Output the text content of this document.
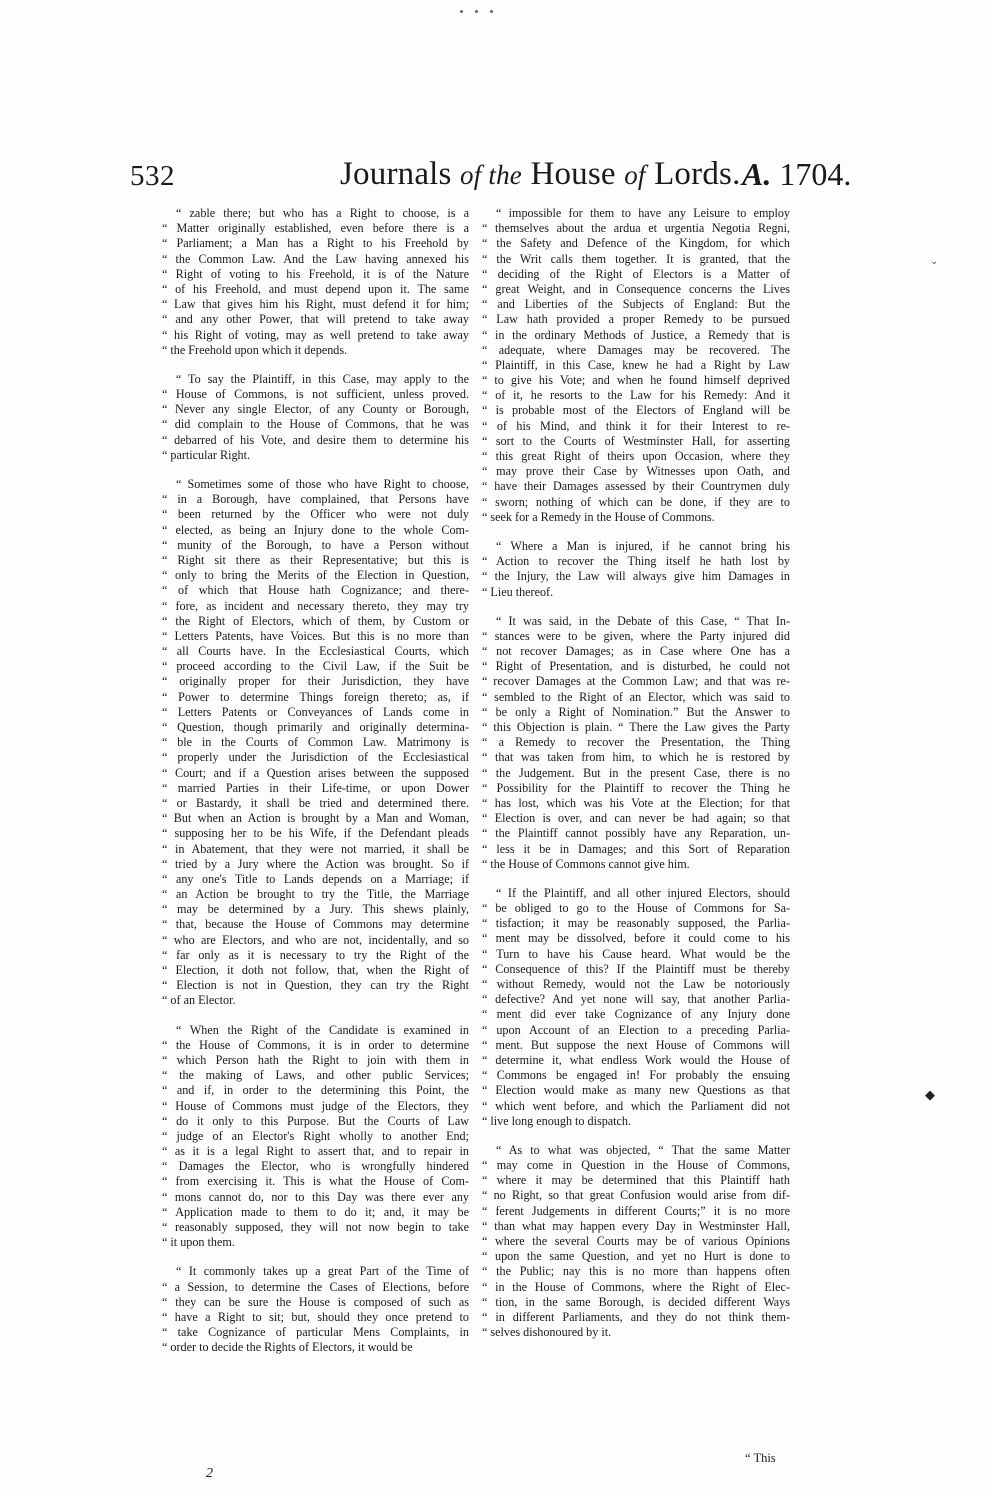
532	Journals of the House of Lords. A. 1704.
⌄
◆
“ zable there; but who has a Right to choose, is a
“ Matter originally established, even before there is a
“ Parliament; a Man has a Right to his Freehold by
“ the Common Law. And the Law having annexed his
“ Right of voting to his Freehold, it is of the Nature
“ of his Freehold, and must depend upon it. The same
“ Law that gives him his Right, must defend it for him;
“ and any other Power, that will pretend to take away
“ his Right of voting, may as well pretend to take away
“ the Freehold upon which it depends.
“ To say the Plaintiff, in this Case, may apply to the
“ House of Commons, is not sufficient, unless proved.
“ Never any single Elector, of any County or Borough,
“ did complain to the House of Commons, that he was
“ debarred of his Vote, and desire them to determine his
“ particular Right.
“ Sometimes some of those who have Right to choose,
“ in a Borough, have complained, that Persons have
“ been returned by the Officer who were not duly
“ elected, as being an Injury done to the whole Com-
“ munity of the Borough, to have a Person without
“ Right sit there as their Representative; but this is
“ only to bring the Merits of the Election in Question,
“ of which that House hath Cognizance; and there-
“ fore, as incident and necessary thereto, they may try
“ the Right of Electors, which of them, by Custom or
“ Letters Patents, have Voices. But this is no more than
“ all Courts have. In the Ecclesiastical Courts, which
“ proceed according to the Civil Law, if the Suit be
“ originally proper for their Jurisdiction, they have
“ Power to determine Things foreign thereto; as, if
“ Letters Patents or Conveyances of Lands come in
“ Question, though primarily and originally determina-
“ ble in the Courts of Common Law. Matrimony is
“ properly under the Jurisdiction of the Ecclesiastical
“ Court; and if a Question arises between the supposed
“ married Parties in their Life-time, or upon Dower
“ or Bastardy, it shall be tried and determined there.
“ But when an Action is brought by a Man and Woman,
“ supposing her to be his Wife, if the Defendant pleads
“ in Abatement, that they were not married, it shall be
“ tried by a Jury where the Action was brought. So if
“ any one's Title to Lands depends on a Marriage; if
“ an Action be brought to try the Title, the Marriage
“ may be determined by a Jury. This shews plainly,
“ that, because the House of Commons may determine
“ who are Electors, and who are not, incidentally, and so
“ far only as it is necessary to try the Right of the
“ Election, it doth not follow, that, when the Right of
“ Election is not in Question, they can try the Right
“ of an Elector.
“ When the Right of the Candidate is examined in
“ the House of Commons, it is in order to determine
“ which Person hath the Right to join with them in
“ the making of Laws, and other public Services;
“ and if, in order to the determining this Point, the
“ House of Commons must judge of the Electors, they
“ do it only to this Purpose. But the Courts of Law
“ judge of an Elector's Right wholly to another End;
“ as it is a legal Right to assert that, and to repair in
“ Damages the Elector, who is wrongfully hindered
“ from exercising it. This is what the House of Com-
“ mons cannot do, nor to this Day was there ever any
“ Application made to them to do it; and, it may be
“ reasonably supposed, they will not now begin to take
“ it upon them.
“ It commonly takes up a great Part of the Time of
“ a Session, to determine the Cases of Elections, before
“ they can be sure the House is composed of such as
“ have a Right to sit; but, should they once pretend to
“ take Cognizance of particular Mens Complaints, in
“ order to decide the Rights of Electors, it would be
“ impossible for them to have any Leisure to employ
“ themselves about the ardua et urgentia Negotia Regni,
“ the Safety and Defence of the Kingdom, for which
“ the Writ calls them together. It is granted, that the
“ deciding of the Right of Electors is a Matter of
“ great Weight, and in Consequence concerns the Lives
“ and Liberties of the Subjects of England: But the
“ Law hath provided a proper Remedy to be pursued
“ in the ordinary Methods of Justice, a Remedy that is
“ adequate, where Damages may be recovered. The
“ Plaintiff, in this Case, knew he had a Right by Law
“ to give his Vote; and when he found himself deprived
“ of it, he resorts to the Law for his Remedy: And it
“ is probable most of the Electors of England will be
“ of his Mind, and think it for their Interest to re-
“ sort to the Courts of Westminster Hall, for asserting
“ this great Right of theirs upon Occasion, where they
“ may prove their Case by Witnesses upon Oath, and
“ have their Damages assessed by their Countrymen duly
“ sworn; nothing of which can be done, if they are to
“ seek for a Remedy in the House of Commons.
“ Where a Man is injured, if he cannot bring his
“ Action to recover the Thing itself he hath lost by
“ the Injury, the Law will always give him Damages in
“ Lieu thereof.
“ It was said, in the Debate of this Case, “ That In-
“ stances were to be given, where the Party injured did
“ not recover Damages; as in Case where One has a
“ Right of Presentation, and is disturbed, he could not
“ recover Damages at the Common Law; and that was re-
“ sembled to the Right of an Elector, which was said to
“ be only a Right of Nomination.” But the Answer to
“ this Objection is plain. “ There the Law gives the Party
“ a Remedy to recover the Presentation, the Thing
“ that was taken from him, to which he is restored by
“ the Judgement. But in the present Case, there is no
“ Possibility for the Plaintiff to recover the Thing he
“ has lost, which was his Vote at the Election; for that
“ Election is over, and can never be had again; so that
“ the Plaintiff cannot possibly have any Reparation, un-
“ less it be in Damages; and this Sort of Reparation
“ the House of Commons cannot give him.
“ If the Plaintiff, and all other injured Electors, should
“ be obliged to go to the House of Commons for Sa-
“ tisfaction; it may be reasonably supposed, the Parlia-
“ ment may be dissolved, before it could come to his
“ Turn to have his Cause heard. What would be the
“ Consequence of this? If the Plaintiff must be thereby
“ without Remedy, would not the Law be notoriously
“ defective? And yet none will say, that another Parlia-
“ ment did ever take Cognizance of any Injury done
“ upon Account of an Election to a preceding Parlia-
“ ment. But suppose the next House of Commons will
“ determine it, what endless Work would the House of
“ Commons be engaged in! For probably the ensuing
“ Election would make as many new Questions as that
“ which went before, and which the Parliament did not
“ live long enough to dispatch.
“ As to what was objected, “ That the same Matter
“ may come in Question in the House of Commons,
“ where it may be determined that this Plaintiff hath
“ no Right, so that great Confusion would arise from dif-
“ ferent Judgements in different Courts;” it is no more
“ than what may happen every Day in Westminster Hall,
“ where the several Courts may be of various Opinions
“ upon the same Question, and yet no Hurt is done to
“ the Public; nay this is no more than happens often
“ in the House of Commons, where the Right of Elec-
“ tion, in the same Borough, is decided different Ways
“ in different Parliaments, and they do not think them-
“ selves dishonoured by it.
“ This
2
